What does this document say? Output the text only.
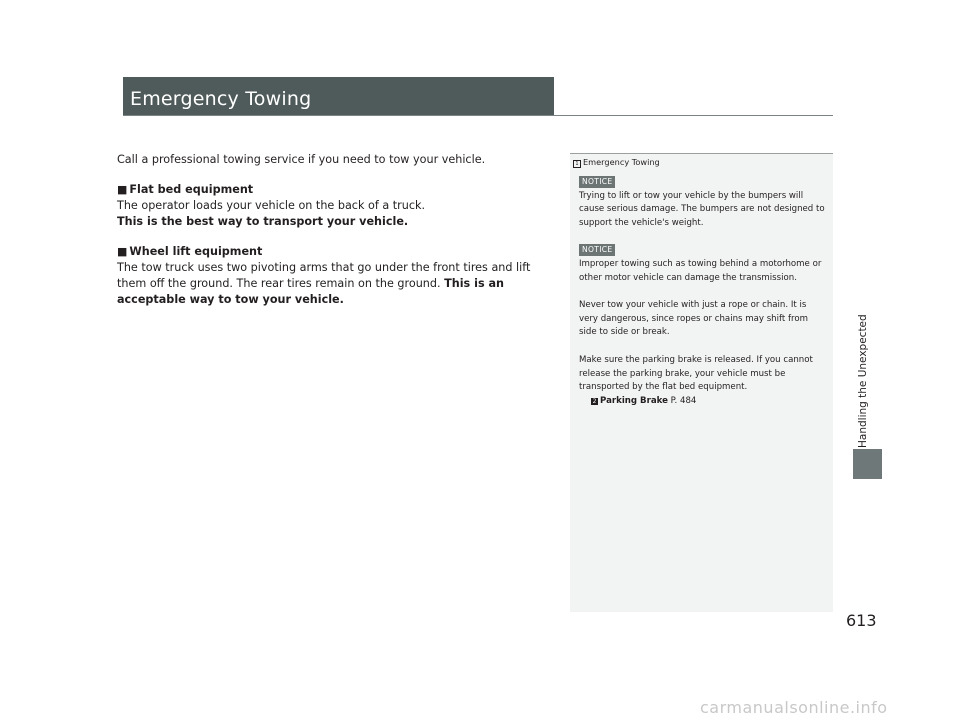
Emergency Towing

Call a professional towing service if you need to tow your vehicle.

■ Flat bed equipment

The operator loads your vehicle on the back of a truck.

This is the best way to transport your vehicle.

■ Wheel lift equipment

The tow truck uses two pivoting arms that go under the front tires and lift them off the ground. The rear tires remain on the ground. This is an acceptable way to tow your vehicle.

1 Emergency Towing
NOTICE

Trying to lift or tow your vehicle by the bumpers will cause serious damage. The bumpers are not designed to support the vehicle's weight.

NOTICE

Improper towing such as towing behind a motorhome or other motor vehicle can damage the transmission.

Never tow your vehicle with just a rope or chain. It is very dangerous, since ropes or chains may shift from side to side or break.

Make sure the parking brake is released. If you cannot release the parking brake, your vehicle must be transported by the flat bed equipment.

2 Parking Brake P. 484	Handling the Unexpected
613
carmanualsonline.info
